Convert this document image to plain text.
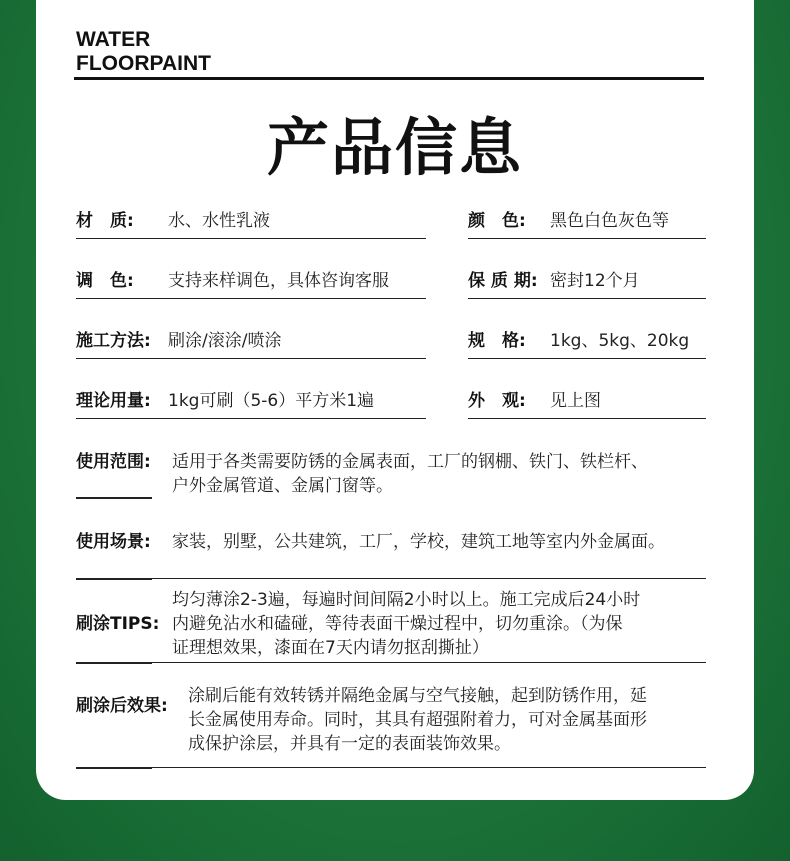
WATER
FLOORPAINT
产品信息
材　质: 水、水性乳液	颜　色: 黑色白色灰色等
调　色: 支持来样调色，具体咨询客服	保 质 期: 密封12个月
施工方法: 刷涂/滚涂/喷涂	规　格: 1kg、5kg、20kg
理论用量: 1kg可刷（5-6）平方米1遍	外　观: 见上图
使用范围: 适用于各类需要防锈的金属表面，工厂的钢棚、铁门、铁栏杆、
户外金属管道、金属门窗等。
使用场景: 家装，别墅，公共建筑，工厂，学校，建筑工地等室内外金属面。
刷涂TIPS:
均匀薄涂2-3遍，每遍时间间隔2小时以上。施工完成后24小时
内避免沾水和磕碰，等待表面干燥过程中，切勿重涂。（为保
证理想效果，漆面在7天内请勿抠刮撕扯）
刷涂后效果: 涂刷后能有效转锈并隔绝金属与空气接触，起到防锈作用，延
长金属使用寿命。同时，其具有超强附着力，可对金属基面形
成保护涂层，并具有一定的表面装饰效果。
